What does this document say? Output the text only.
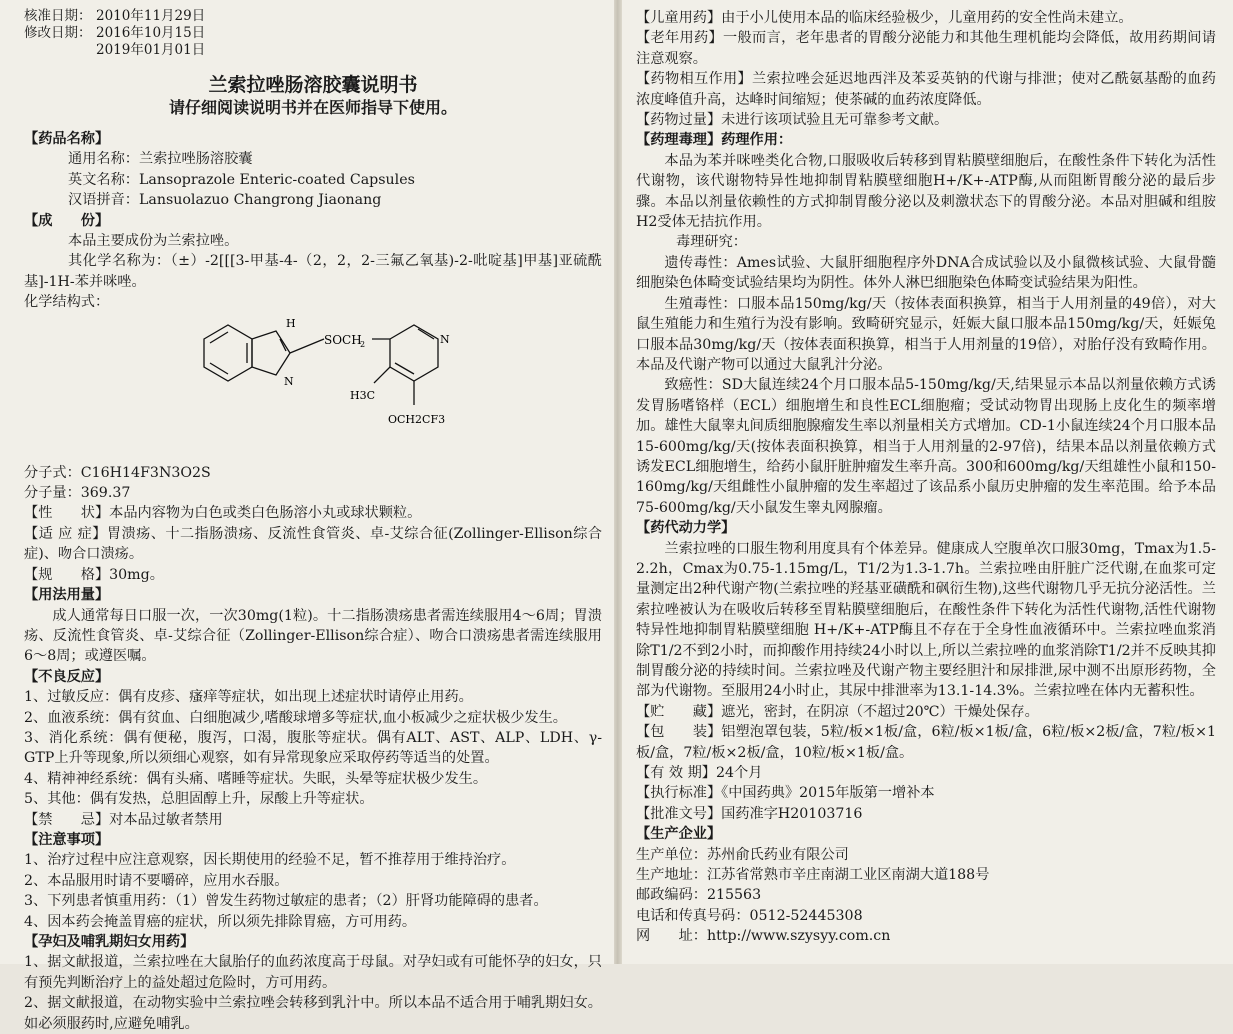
核准日期： 2010年11月29日
修改日期： 2016年10月15日
2019年01月01日
兰索拉唑肠溶胶囊说明书
请仔细阅读说明书并在医师指导下使用。

【药品名称】

通用名称：兰索拉唑肠溶胶囊

英文名称：Lansoprazole Enteric-coated Capsules

汉语拼音：Lansuolazuo Changrong Jiaonang

【成　　份】

本品主要成份为兰索拉唑。

其化学名称为：（±）-2[[[3-甲基-4-（2，2，2-三氟乙氧基)-2-吡啶基]甲基]亚硫酰基]-1H-苯并咪唑。

化学结构式：

H
N
SOCH
2	N
H3C
OCH2CF3

分子式：C16H14F3N3O2S

分子量：369.37

【性　　状】本品内容物为白色或类白色肠溶小丸或球状颗粒。

【适 应 症】胃溃疡、十二指肠溃疡、反流性食管炎、卓-艾综合征(Zollinger-Ellison综合症)、吻合口溃疡。

【规　　格】30mg。

【用法用量】

成人通常每日口服一次，一次30mg(1粒)。十二指肠溃疡患者需连续服用4～6周；胃溃疡、反流性食管炎、卓-艾综合征（Zollinger-Ellison综合症）、吻合口溃疡患者需连续服用6～8周；或遵医嘱。

【不良反应】

1、过敏反应：偶有皮疹、瘙痒等症状，如出现上述症状时请停止用药。

2、血液系统：偶有贫血、白细胞减少,嗜酸球增多等症状,血小板减少之症状极少发生。

3、消化系统：偶有便秘，腹泻，口渴，腹胀等症状。偶有ALT、AST、ALP、LDH、γ-GTP上升等现象,所以须细心观察，如有异常现象应采取停药等适当的处置。

4、精神神经系统：偶有头痛、嗜睡等症状。失眠，头晕等症状极少发生。

5、其他：偶有发热，总胆固醇上升，尿酸上升等症状。

【禁　　忌】对本品过敏者禁用

【注意事项】

1、治疗过程中应注意观察，因长期使用的经验不足，暂不推荐用于维持治疗。

2、本品服用时请不要嚼碎，应用水吞服。

3、下列患者慎重用药：（1）曾发生药物过敏症的患者；（2）肝肾功能障碍的患者。

4、因本药会掩盖胃癌的症状，所以须先排除胃癌，方可用药。

【孕妇及哺乳期妇女用药】

1、据文献报道，兰索拉唑在大鼠胎仔的血药浓度高于母鼠。对孕妇或有可能怀孕的妇女，只有预先判断治疗上的益处超过危险时，方可用药。

2、据文献报道，在动物实验中兰索拉唑会转移到乳汁中。所以本品不适合用于哺乳期妇女。如必须服药时,应避免哺乳。

【儿童用药】由于小儿使用本品的临床经验极少，儿童用药的安全性尚未建立。

【老年用药】一般而言，老年患者的胃酸分泌能力和其他生理机能均会降低，故用药期间请注意观察。

【药物相互作用】兰索拉唑会延迟地西泮及苯妥英钠的代谢与排泄；使对乙酰氨基酚的血药浓度峰值升高，达峰时间缩短；使茶碱的血药浓度降低。

【药物过量】未进行该项试验且无可靠参考文献。

【药理毒理】药理作用：

本品为苯并咪唑类化合物,口服吸收后转移到胃粘膜壁细胞后，在酸性条件下转化为活性代谢物，该代谢物特异性地抑制胃粘膜壁细胞H+/K+-ATP酶,从而阻断胃酸分泌的最后步骤。本品以剂量依赖性的方式抑制胃酸分泌以及刺激状态下的胃酸分泌。本品对胆碱和组胺H2受体无拮抗作用。

毒理研究：

遗传毒性：Ames试验、大鼠肝细胞程序外DNA合成试验以及小鼠微核试验、大鼠骨髓细胞染色体畸变试验结果均为阴性。体外人淋巴细胞染色体畸变试验结果为阳性。

生殖毒性：口服本品150mg/kg/天（按体表面积换算，相当于人用剂量的49倍），对大鼠生殖能力和生殖行为没有影响。致畸研究显示，妊娠大鼠口服本品150mg/kg/天，妊娠兔口服本品30mg/kg/天（按体表面积换算，相当于人用剂量的19倍），对胎仔没有致畸作用。本品及代谢产物可以通过大鼠乳汁分泌。

致癌性：SD大鼠连续24个月口服本品5-150mg/kg/天,结果显示本品以剂量依赖方式诱发胃肠嗜铬样（ECL）细胞增生和良性ECL细胞瘤；受试动物胃出现肠上皮化生的频率增加。雄性大鼠睾丸间质细胞腺瘤发生率以剂量相关方式增加。CD-1小鼠连续24个月口服本品15-600mg/kg/天(按体表面积换算，相当于人用剂量的2-97倍)，结果本品以剂量依赖方式诱发ECL细胞增生，给药小鼠肝脏肿瘤发生率升高。300和600mg/kg/天组雄性小鼠和150-160mg/kg/天组雌性小鼠肿瘤的发生率超过了该品系小鼠历史肿瘤的发生率范围。给予本品75-600mg/kg/天小鼠发生睾丸网腺瘤。

【药代动力学】

兰索拉唑的口服生物利用度具有个体差异。健康成人空腹单次口服30mg，Tmax为1.5-2.2h，Cmax为0.75-1.15mg/L，T1/2为1.3-1.7h。兰索拉唑由肝脏广泛代谢,在血浆可定量测定出2种代谢产物(兰索拉唑的羟基亚磺酰和砜衍生物),这些代谢物几乎无抗分泌活性。兰索拉唑被认为在吸收后转移至胃粘膜壁细胞后，在酸性条件下转化为活性代谢物,活性代谢物特异性地抑制胃粘膜壁细胞 H+/K+-ATP酶且不存在于全身性血液循环中。兰索拉唑血浆消除T1/2不到2小时，而抑酸作用持续24小时以上,所以兰索拉唑的血浆消除T1/2并不反映其抑制胃酸分泌的持续时间。兰索拉唑及代谢产物主要经胆汁和尿排泄,尿中测不出原形药物，全部为代谢物。至服用24小时止，其尿中排泄率为13.1-14.3%。兰索拉唑在体内无蓄积性。

【贮　　藏】遮光，密封，在阴凉（不超过20℃）干燥处保存。

【包　　装】铝塑泡罩包装，5粒/板×1板/盒，6粒/板×1板/盒，6粒/板×2板/盒，7粒/板×1板/盒，7粒/板×2板/盒，10粒/板×1板/盒。

【有 效 期】24个月

【执行标准】《中国药典》2015年版第一增补本

【批准文号】国药准字H20103716

【生产企业】

生产单位：苏州俞氏药业有限公司

生产地址：江苏省常熟市辛庄南湖工业区南湖大道188号

邮政编码：215563

电话和传真号码：0512-52445308

网　　址：http://www.szysyy.com.cn
